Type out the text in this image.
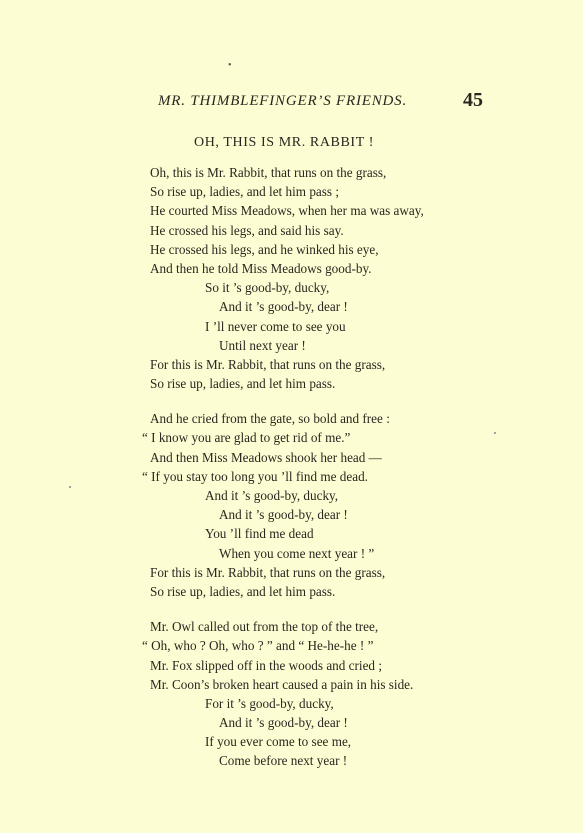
•
MR. THIMBLEFINGER’S FRIENDS.	45
OH, THIS IS MR. RABBIT !
Oh, this is Mr. Rabbit, that runs on the grass,
So rise up, ladies, and let him pass ;
He courted Miss Meadows, when her ma was away,
He crossed his legs, and said his say.
He crossed his legs, and he winked his eye,
And then he told Miss Meadows good-by.
So it ’s good-by, ducky,
And it ’s good-by, dear !
I ’ll never come to see you
Until next year !
For this is Mr. Rabbit, that runs on the grass,
So rise up, ladies, and let him pass.
And he cried from the gate, so bold and free :
“ I know you are glad to get rid of me.”
And then Miss Meadows shook her head —
“ If you stay too long you ’ll find me dead.
And it ’s good-by, ducky,
And it ’s good-by, dear !
You ’ll find me dead
When you come next year ! ”
For this is Mr. Rabbit, that runs on the grass,
So rise up, ladies, and let him pass.
Mr. Owl called out from the top of the tree,
“ Oh, who ? Oh, who ? ” and “ He-he-he ! ”
Mr. Fox slipped off in the woods and cried ;
Mr. Coon’s broken heart caused a pain in his side.
For it ’s good-by, ducky,
And it ’s good-by, dear !
If you ever come to see me,
Come before next year !
